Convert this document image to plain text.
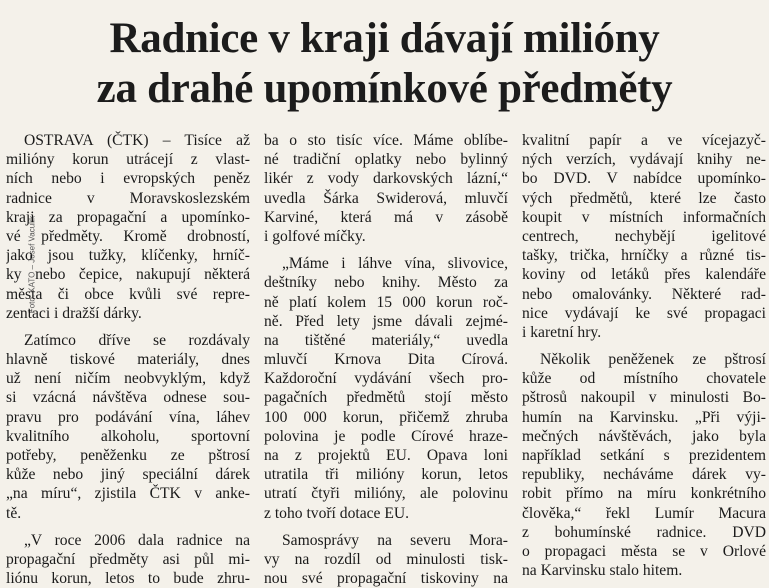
Radnice v kraji dávají milióny
za drahé upomínkové předměty
Foto: KATO – Josef Vaculík
OSTRAVA (ČTK) – Tisíce až
milióny korun utrácejí z vlast-
ních nebo i evropských peněz
radnice v Moravskoslezském
kraji za propagační a upomínko-
vé předměty. Kromě drobností,
jako jsou tužky, klíčenky, hrníč-
ky nebo čepice, nakupují některá
města či obce kvůli své repre-
zentaci i dražší dárky.
Zatímco dříve se rozdávaly
hlavně tiskové materiály, dnes
už není ničím neobvyklým, když
si vzácná návštěva odnese sou-
pravu pro podávání vína, láhev
kvalitního alkoholu, sportovní
potřeby, peněženku ze pštrosí
kůže nebo jiný speciální dárek
„na míru“, zjistila ČTK v anke-
tě.
„V roce 2006 dala radnice na
propagační předměty asi půl mi-
liónu korun, letos to bude zhru-
ba o sto tisíc více. Máme oblíbe-
né tradiční oplatky nebo bylinný
likér z vody darkovských lázní,“
uvedla Šárka Swiderová, mluvčí
Karviné, která má v zásobě
i golfové míčky.
„Máme i láhve vína, slivovice,
deštníky nebo knihy. Město za
ně platí kolem 15 000 korun roč-
ně. Před lety jsme dávali zejmé-
na tištěné materiály,“ uvedla
mluvčí Krnova Dita Círová.
Každoroční vydávání všech pro-
pagačních předmětů stojí město
100 000 korun, přičemž zhruba
polovina je podle Círové hraze-
na z projektů EU. Opava loni
utratila tři milióny korun, letos
utratí čtyři milióny, ale polovinu
z toho tvoří dotace EU.
Samosprávy na severu Mora-
vy na rozdíl od minulosti tisk-
nou své propagační tiskoviny na
kvalitní papír a ve vícejazyč-
ných verzích, vydávají knihy ne-
bo DVD. V nabídce upomínko-
vých předmětů, které lze často
koupit v místních informačních
centrech, nechybějí igelitové
tašky, trička, hrníčky a různé tis-
koviny od letáků přes kalendáře
nebo omalovánky. Některé rad-
nice vydávají ke své propagaci
i karetní hry.
Několik peněženek ze pštrosí
kůže od místního chovatele
pštrosů nakoupil v minulosti Bo-
humín na Karvinsku. „Při výji-
mečných návštěvách, jako byla
například setkání s prezidentem
republiky, necháváme dárek vy-
robit přímo na míru konkrétního
člověka,“ řekl Lumír Macura
z bohumínské radnice. DVD
o propagaci města se v Orlové
na Karvinsku stalo hitem.
